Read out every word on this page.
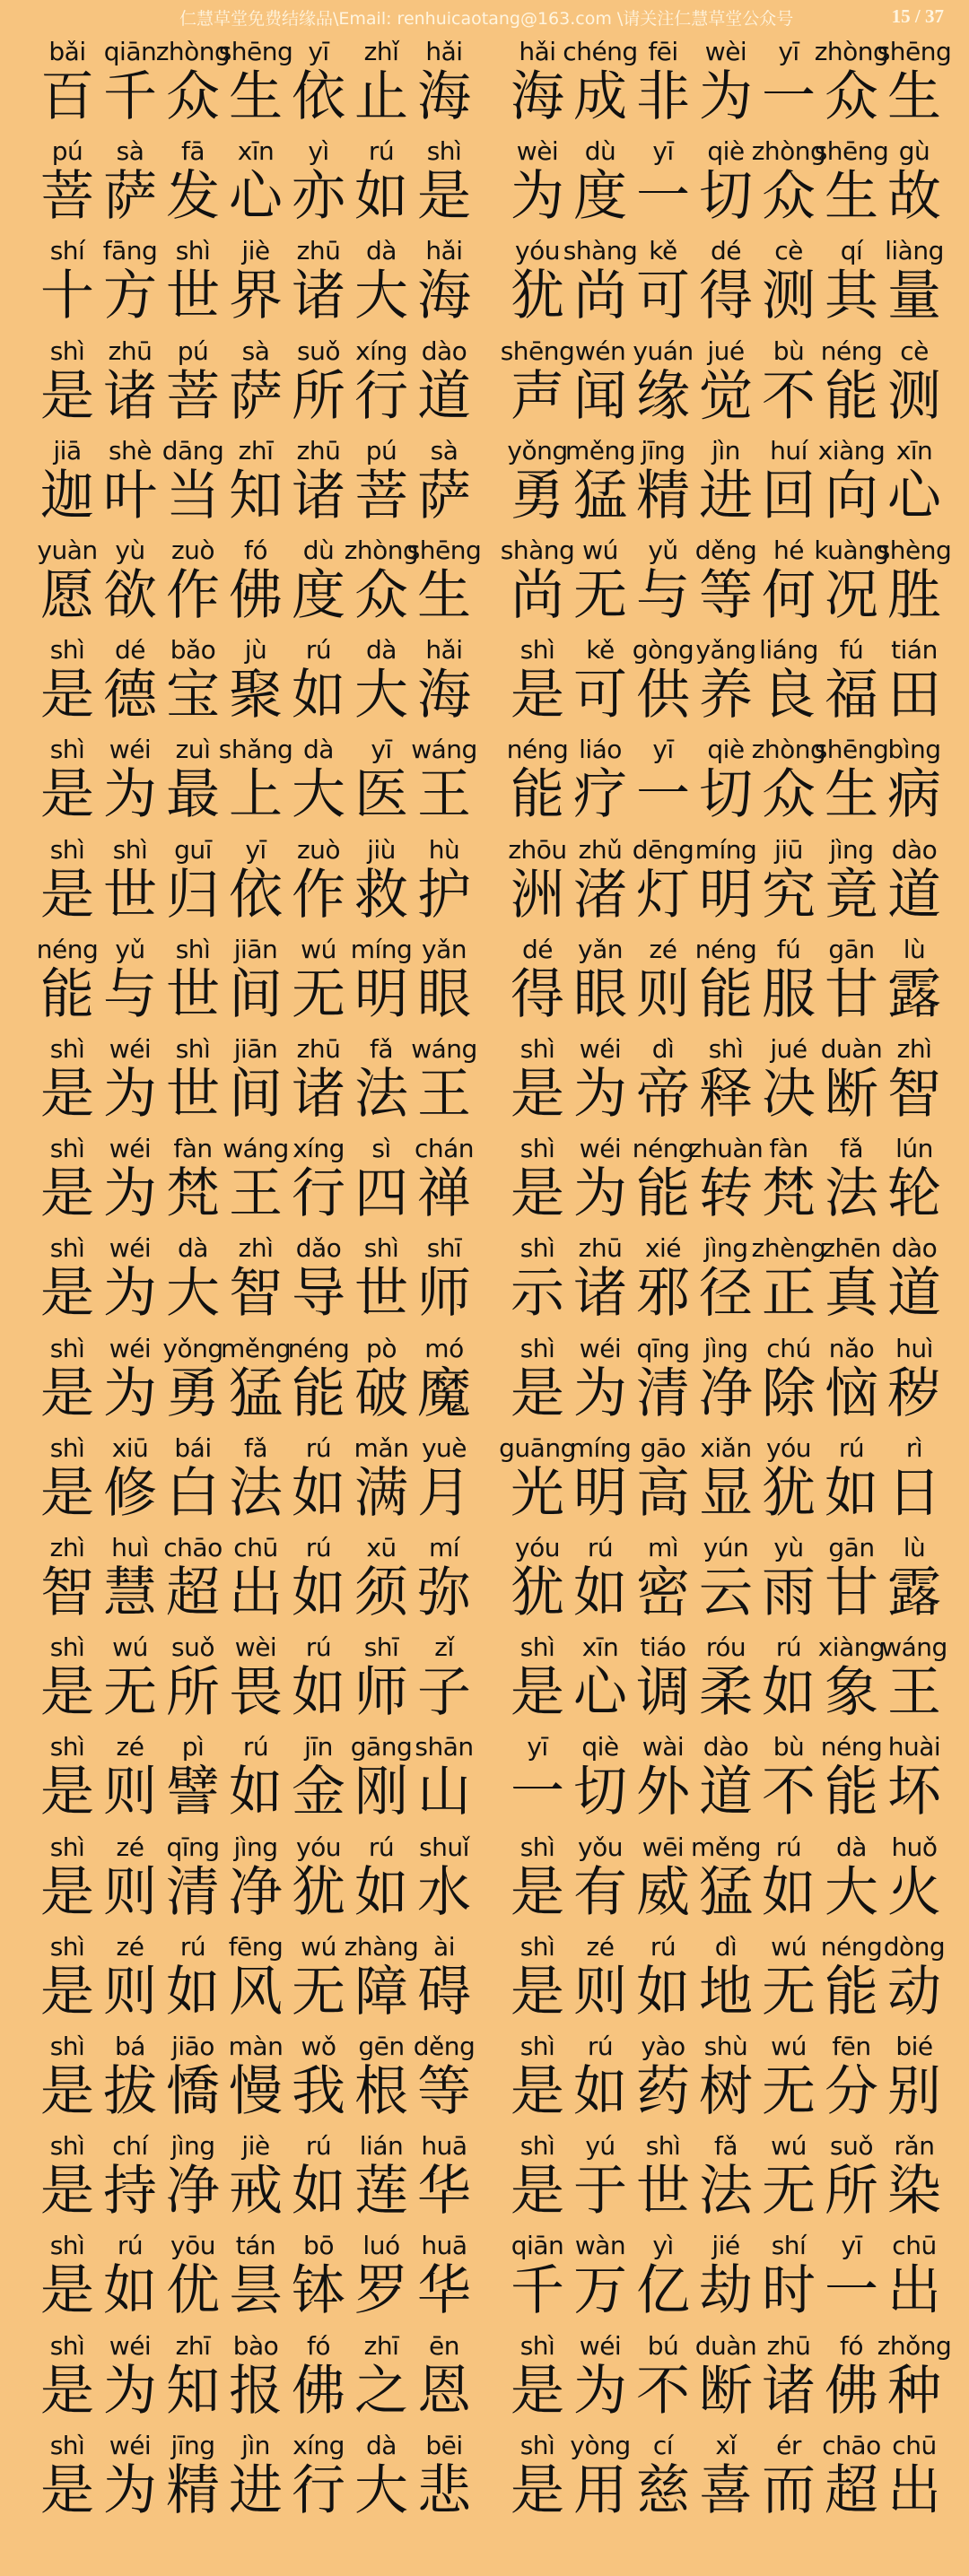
仁慧草堂免费结缘品\Email: renhuicaotang@163.com \请关注仁慧草堂公众号	15 / 37
bǎi
百
qiān
千
zhòng
众
shēng
生
yī
依
zhǐ
止
hǎi
海
hǎi
海
chéng
成
fēi
非
wèi
为
yī
一
zhòng
众
shēng
生
pú
菩
sà
萨
fā
发
xīn
心
yì
亦
rú
如
shì
是
wèi
为
dù
度
yī
一
qiè
切
zhòng
众
shēng
生
gù
故
shí
十
fāng
方
shì
世
jiè
界
zhū
诸
dà
大
hǎi
海
yóu
犹
shàng
尚
kě
可
dé
得
cè
测
qí
其
liàng
量
shì
是
zhū
诸
pú
菩
sà
萨
suǒ
所
xíng
行
dào
道
shēng
声
wén
闻
yuán
缘
jué
觉
bù
不
néng
能
cè
测
jiā
迦
shè
叶
dāng
当
zhī
知
zhū
诸
pú
菩
sà
萨
yǒng
勇
měng
猛
jīng
精
jìn
进
huí
回
xiàng
向
xīn
心
yuàn
愿
yù
欲
zuò
作
fó
佛
dù
度
zhòng
众
shēng
生
shàng
尚
wú
无
yǔ
与
děng
等
hé
何
kuàng
况
shèng
胜
shì
是
dé
德
bǎo
宝
jù
聚
rú
如
dà
大
hǎi
海
shì
是
kě
可
gòng
供
yǎng
养
liáng
良
fú
福
tián
田
shì
是
wéi
为
zuì
最
shǎng
上
dà
大
yī
医
wáng
王
néng
能
liáo
疗
yī
一
qiè
切
zhòng
众
shēng
生
bìng
病
shì
是
shì
世
guī
归
yī
依
zuò
作
jiù
救
hù
护
zhōu
洲
zhǔ
渚
dēng
灯
míng
明
jiū
究
jìng
竟
dào
道
néng
能
yǔ
与
shì
世
jiān
间
wú
无
míng
明
yǎn
眼
dé
得
yǎn
眼
zé
则
néng
能
fú
服
gān
甘
lù
露
shì
是
wéi
为
shì
世
jiān
间
zhū
诸
fǎ
法
wáng
王
shì
是
wéi
为
dì
帝
shì
释
jué
决
duàn
断
zhì
智
shì
是
wéi
为
fàn
梵
wáng
王
xíng
行
sì
四
chán
禅
shì
是
wéi
为
néng
能
zhuàn
转
fàn
梵
fǎ
法
lún
轮
shì
是
wéi
为
dà
大
zhì
智
dǎo
导
shì
世
shī
师
shì
示
zhū
诸
xié
邪
jìng
径
zhèng
正
zhēn
真
dào
道
shì
是
wéi
为
yǒng
勇
měng
猛
néng
能
pò
破
mó
魔
shì
是
wéi
为
qīng
清
jìng
净
chú
除
nǎo
恼
huì
秽
shì
是
xiū
修
bái
白
fǎ
法
rú
如
mǎn
满
yuè
月
guāng
光
míng
明
gāo
高
xiǎn
显
yóu
犹
rú
如
rì
日
zhì
智
huì
慧
chāo
超
chū
出
rú
如
xū
须
mí
弥
yóu
犹
rú
如
mì
密
yún
云
yù
雨
gān
甘
lù
露
shì
是
wú
无
suǒ
所
wèi
畏
rú
如
shī
师
zǐ
子
shì
是
xīn
心
tiáo
调
róu
柔
rú
如
xiàng
象
wáng
王
shì
是
zé
则
pì
譬
rú
如
jīn
金
gāng
刚
shān
山
yī
一
qiè
切
wài
外
dào
道
bù
不
néng
能
huài
坏
shì
是
zé
则
qīng
清
jìng
净
yóu
犹
rú
如
shuǐ
水
shì
是
yǒu
有
wēi
威
měng
猛
rú
如
dà
大
huǒ
火
shì
是
zé
则
rú
如
fēng
风
wú
无
zhàng
障
ài
碍
shì
是
zé
则
rú
如
dì
地
wú
无
néng
能
dòng
动
shì
是
bá
拔
jiāo
憍
màn
慢
wǒ
我
gēn
根
děng
等
shì
是
rú
如
yào
药
shù
树
wú
无
fēn
分
bié
别
shì
是
chí
持
jìng
净
jiè
戒
rú
如
lián
莲
huā
华
shì
是
yú
于
shì
世
fǎ
法
wú
无
suǒ
所
rǎn
染
shì
是
rú
如
yōu
优
tán
昙
bō
钵
luó
罗
huā
华
qiān
千
wàn
万
yì
亿
jié
劫
shí
时
yī
一
chū
出
shì
是
wéi
为
zhī
知
bào
报
fó
佛
zhī
之
ēn
恩
shì
是
wéi
为
bú
不
duàn
断
zhū
诸
fó
佛
zhǒng
种
shì
是
wéi
为
jīng
精
jìn
进
xíng
行
dà
大
bēi
悲
shì
是
yòng
用
cí
慈
xǐ
喜
ér
而
chāo
超
chū
出
